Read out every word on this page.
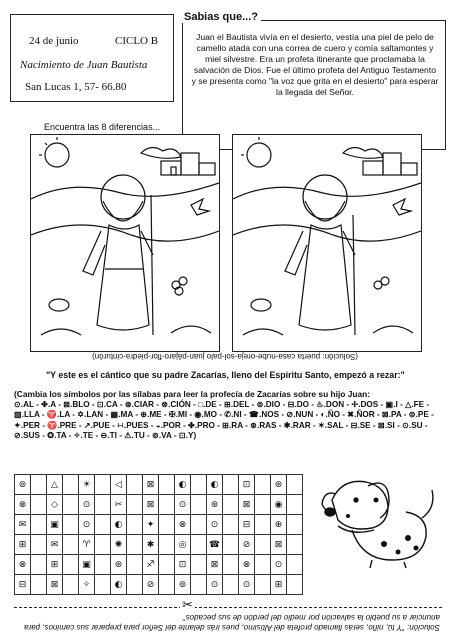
24 de junio	CICLO B
Nacimiento de Juan Bautista
San Lucas 1, 57- 66.80
Sabias que...?
Juan el Bautista vivía en el desierto, vestía una piel de pelo de camello atada con una correa de cuero y comía saltamontes y miel silvestre. Era un profeta itinerante que proclamaba la salvación de Dios. Fue el último profeta del Antiguo Testamento y se presenta como "la voz que grita en el desierto" para esperar la llegada del Señor.
Encuentra las 8 diferencias...
(Solución: puerta casa-nube-oreja-sol-palo juan-pájaro-flor-piedra-cinturón)
"Y este es el cántico que su padre Zacarías, lleno del Espíritu Santo, empezó a rezar:"
(Cambia los símbolos por las sílabas para leer la profecía de Zacarías sobre su hijo Juan:
⊙.AL - ✤.A - ⊠.BLO - ⊡.CA - ⊛.CIAR - ⊗.CIÓN - □.DE - ⊞.DEL - ⊚.DIO - ⊟.DO - ♨.DON - ✢.DOS - ▣.I - △.FE - ▧.LLA - ♈.LA - ✡.LAN - ▦.MA - ⊕.ME - ✠.MI - ◉.MO - ✆.NI - ☎.NOS - ⊘.NUN - ◐.ÑO - ✖.ÑOR - ⊠.PA - ⊜.PE - ✦.PER - ♈.PRE - ↗.PUE - ∺.PUES - ◒.POR - ✤.PRO - ⊞.RA - ⊛.RAS - ✱.RAR - ✶.SAL - ⊟.SE - ⊠.SI - ⊙.SU - ⊘.SUS - ✪.TA - ✧.TE - ⊖.TI - ⚠.TU - ⊚.VA - ⊡.Y)
⊚		△		☀		◁		⊠		◐		◐		⊡		⊛	
⊗		◇		⊙		✂		⊠		⊙		⊛		⊠		◉	
✉		▣		⊙		◐		✦		⊗		⊙		⊟		⊕	
⊞		✉		♈		✺		✱		◎		☎		⊘		⊠	
⊗		⊞		▣		⊛		♐		⊡		⊠		⊗		⊙	
⊟		⊠		✧		◐		⊘		⊚		⊙		⊙		⊞	
✂
Solución: "Y tú, niño, serás llamado profeta del Altísimo, pues irás delante del Señor para preparar sus caminos, para anunciar a su pueblo la salvación por medio del perdón de sus pecados"
